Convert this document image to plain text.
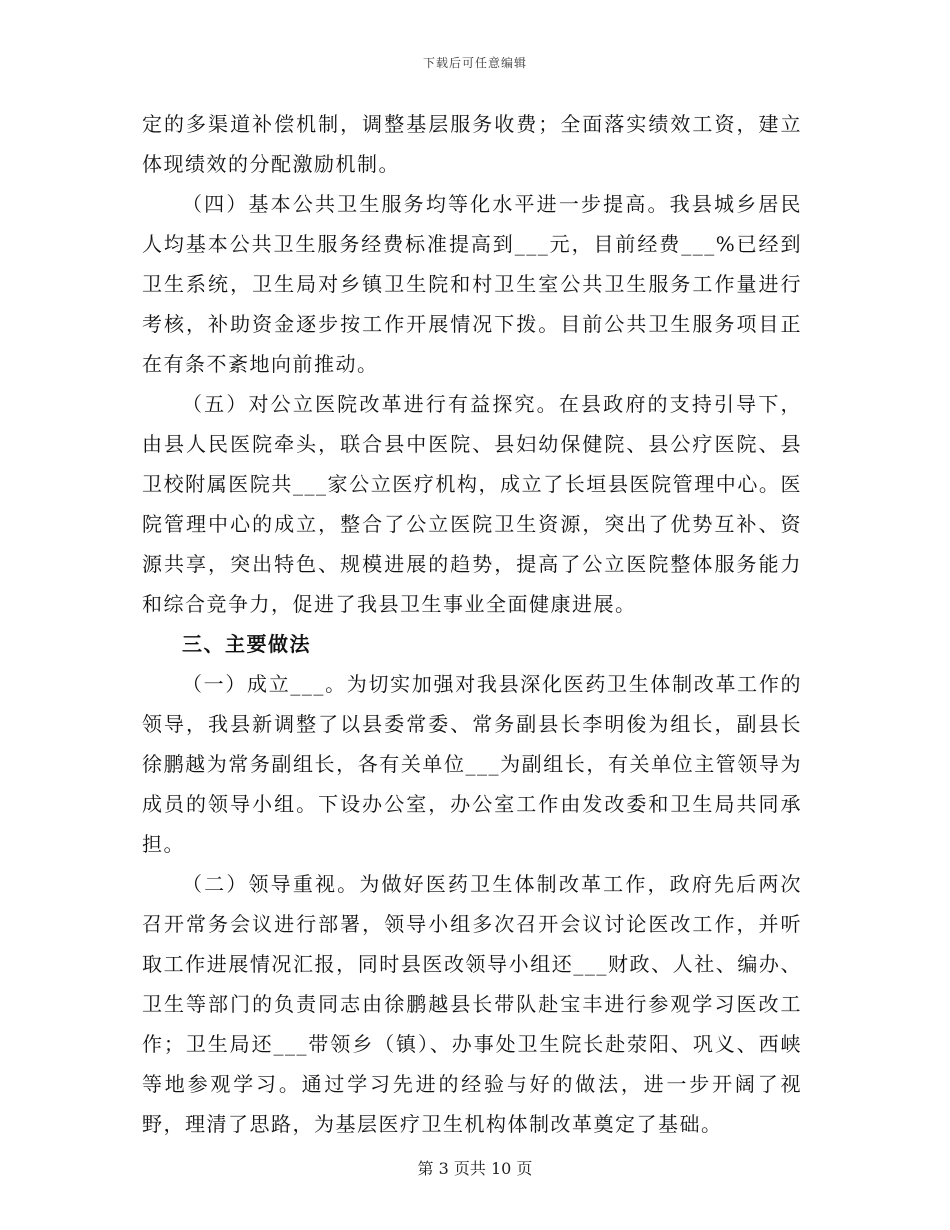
下载后可任意编辑

定的多渠道补偿机制，调整基层服务收费；全面落实绩效工资，建立体现绩效的分配激励机制。

（四）基本公共卫生服务均等化水平进一步提高。我县城乡居民人均基本公共卫生服务经费标准提高到___元，目前经费___%已经到卫生系统，卫生局对乡镇卫生院和村卫生室公共卫生服务工作量进行考核，补助资金逐步按工作开展情况下拨。目前公共卫生服务项目正在有条不紊地向前推动。

（五）对公立医院改革进行有益探究。在县政府的支持引导下，由县人民医院牵头，联合县中医院、县妇幼保健院、县公疗医院、县卫校附属医院共___家公立医疗机构，成立了长垣县医院管理中心。医院管理中心的成立，整合了公立医院卫生资源，突出了优势互补、资源共享，突出特色、规模进展的趋势，提高了公立医院整体服务能力和综合竞争力，促进了我县卫生事业全面健康进展。

三、主要做法

（一）成立___。为切实加强对我县深化医药卫生体制改革工作的领导，我县新调整了以县委常委、常务副县长李明俊为组长，副县长徐鹏越为常务副组长，各有关单位___为副组长，有关单位主管领导为成员的领导小组。下设办公室，办公室工作由发改委和卫生局共同承担。

（二）领导重视。为做好医药卫生体制改革工作，政府先后两次召开常务会议进行部署，领导小组多次召开会议讨论医改工作，并听取工作进展情况汇报，同时县医改领导小组还___财政、人社、编办、卫生等部门的负责同志由徐鹏越县长带队赴宝丰进行参观学习医改工作；卫生局还___带领乡（镇）、办事处卫生院长赴荥阳、巩义、西峡等地参观学习。通过学习先进的经验与好的做法，进一步开阔了视野，理清了思路，为基层医疗卫生机构体制改革奠定了基础。

第 3 页共 10 页
